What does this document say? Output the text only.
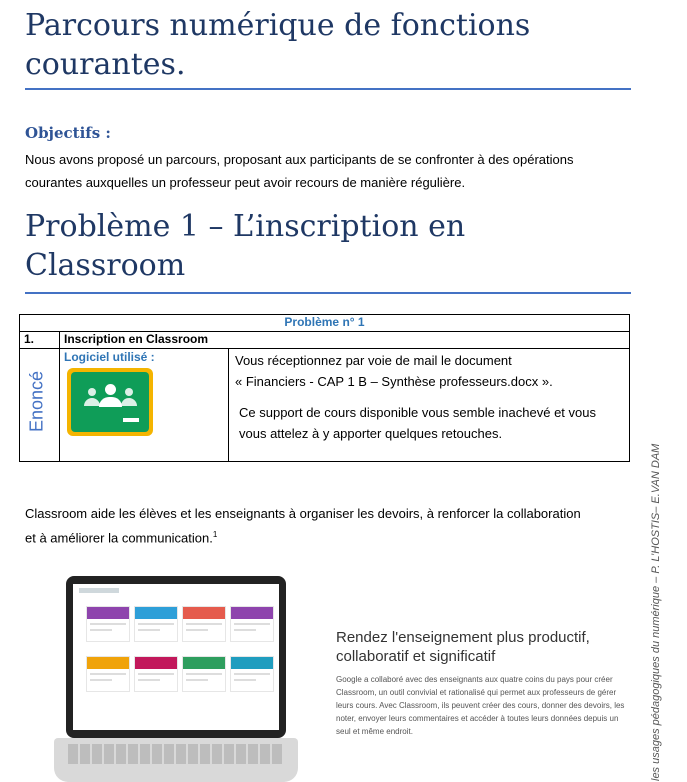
Parcours numérique de fonctions courantes.
Objectifs :
Nous avons proposé un parcours, proposant aux participants de se confronter à des opérations courantes auxquelles un professeur peut avoir recours de manière régulière.
Problème 1 – L’inscription en Classroom
Problème n° 1		
1.	Inscription en Classroom	

Enoncé	Logiciel utilisé :	Vous réceptionnez par voie de mail le document
« Financiers - CAP 1 B – Synthèse professeurs.docx ».
Ce support de cours disponible vous semble inachevé et vous vous attelez à y apporter quelques retouches.
Classroom aide les élèves et les enseignants à organiser les devoirs, à renforcer la collaboration et à améliorer la communication.$^1$
Rendez l'enseignement plus productif, collaboratif et significatif
Google a collaboré avec des enseignants aux quatre coins du pays pour créer Classroom, un outil convivial et rationalisé qui permet aux professeurs de gérer leurs cours. Avec Classroom, ils peuvent créer des cours, donner des devoirs, les noter, envoyer leurs commentaires et accéder à toutes leurs données depuis un seul et même endroit.	les usages pédagogiques du numérique – P. L’HOSTIS– E.VAN DAM
